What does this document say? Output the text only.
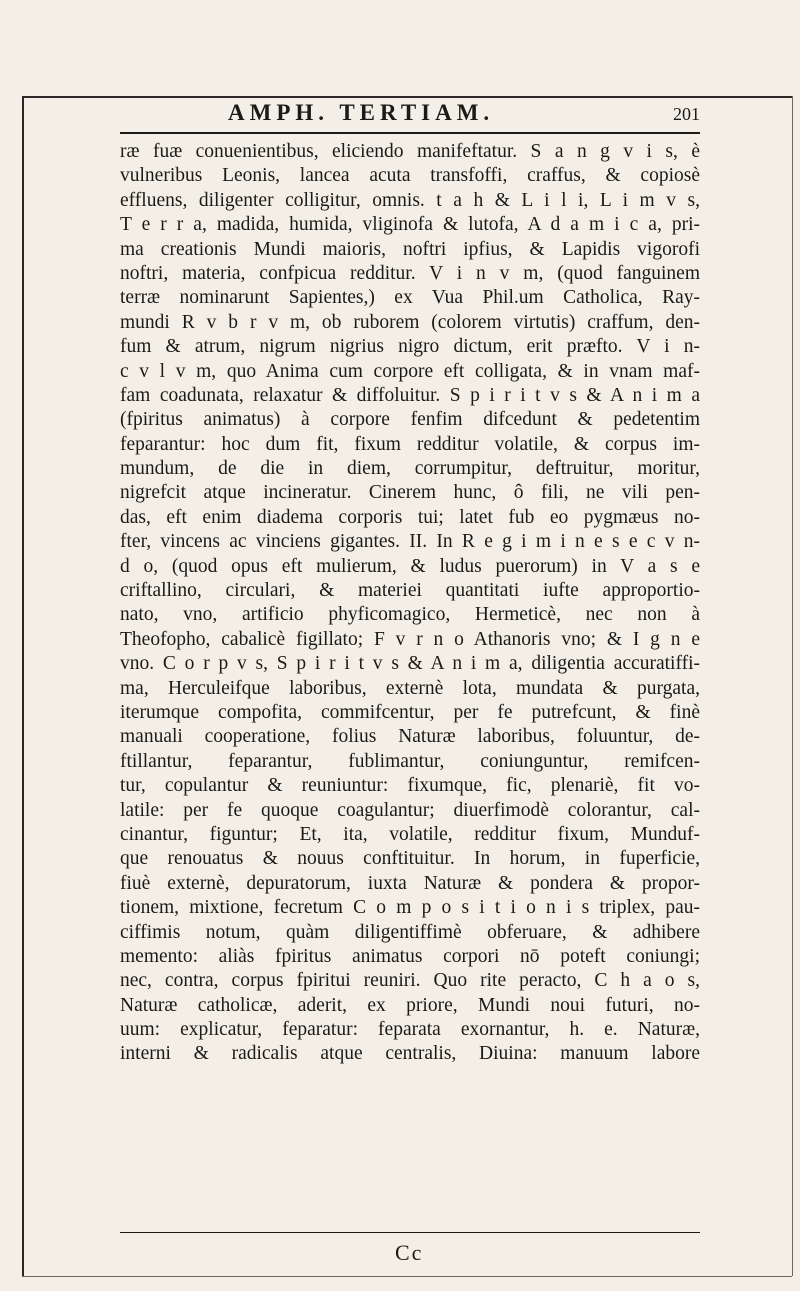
AMPH. TERTIAM.	201
ræ fuæ conuenientibus, eliciendo manifeftatur. S a n g v i s, è
vulneribus Leonis, lancea acuta transfoffi, craffus, & copiosè
effluens, diligenter colligitur, omnis. t a h & L i l i, L i m v s,
T e r r a, madida, humida, vliginofa & lutofa, A d a m i c a, pri-
ma creationis Mundi maioris, noftri ipfius, & Lapidis vigorofi
noftri, materia, confpicua redditur. V i n v m, (quod fanguinem
terræ nominarunt Sapientes,) ex Vua Phil.um Catholica, Ray-
mundi R v b r v m, ob ruborem (colorem virtutis) craffum, den-
fum & atrum, nigrum nigrius nigro dictum, erit præfto. V i n-
c v l v m, quo Anima cum corpore eft colligata, & in vnam maf-
fam coadunata, relaxatur & diffoluitur. S p i r i t v s & A n i m a
(fpiritus animatus) à corpore fenfim difcedunt & pedetentim
feparantur: hoc dum fit, fixum redditur volatile, & corpus im-
mundum, de die in diem, corrumpitur, deftruitur, moritur,
nigrefcit atque incineratur. Cinerem hunc, ô fili, ne vili pen-
das, eft enim diadema corporis tui; latet fub eo pygmæus no-
fter, vincens ac vinciens gigantes. II. In R e g i m i n e s e c v n-
d o, (quod opus eft mulierum, & ludus puerorum) in V a s e
criftallino, circulari, & materiei quantitati iufte approportio-
nato, vno, artificio phyficomagico, Hermeticè, nec non à
Theofopho, cabalicè figillato; F v r n o Athanoris vno; & I g n e
vno. C o r p v s, S p i r i t v s & A n i m a, diligentia accuratiffi-
ma, Herculeifque laboribus, externè lota, mundata & purgata,
iterumque compofita, commifcentur, per fe putrefcunt, & finè
manuali cooperatione, folius Naturæ laboribus, foluuntur, de-
ftillantur, feparantur, fublimantur, coniunguntur, remifcen-
tur, copulantur & reuniuntur: fixumque, fic, plenariè, fit vo-
latile: per fe quoque coagulantur; diuerfimodè colorantur, cal-
cinantur, figuntur; Et, ita, volatile, redditur fixum, Munduf-
que renouatus & nouus conftituitur. In horum, in fuperficie,
fiuè externè, depuratorum, iuxta Naturæ & pondera & propor-
tionem, mixtione, fecretum C o m p o s i t i o n i s triplex, pau-
ciffimis notum, quàm diligentiffimè obferuare, & adhibere
memento: aliàs fpiritus animatus corpori nō poteft coniungi;
nec, contra, corpus fpiritui reuniri. Quo rite peracto, C h a o s,
Naturæ catholicæ, aderit, ex priore, Mundi noui futuri, no-
uum: explicatur, feparatur: feparata exornantur, h. e. Naturæ,
interni & radicalis atque centralis, Diuina: manuum labore
Cc
